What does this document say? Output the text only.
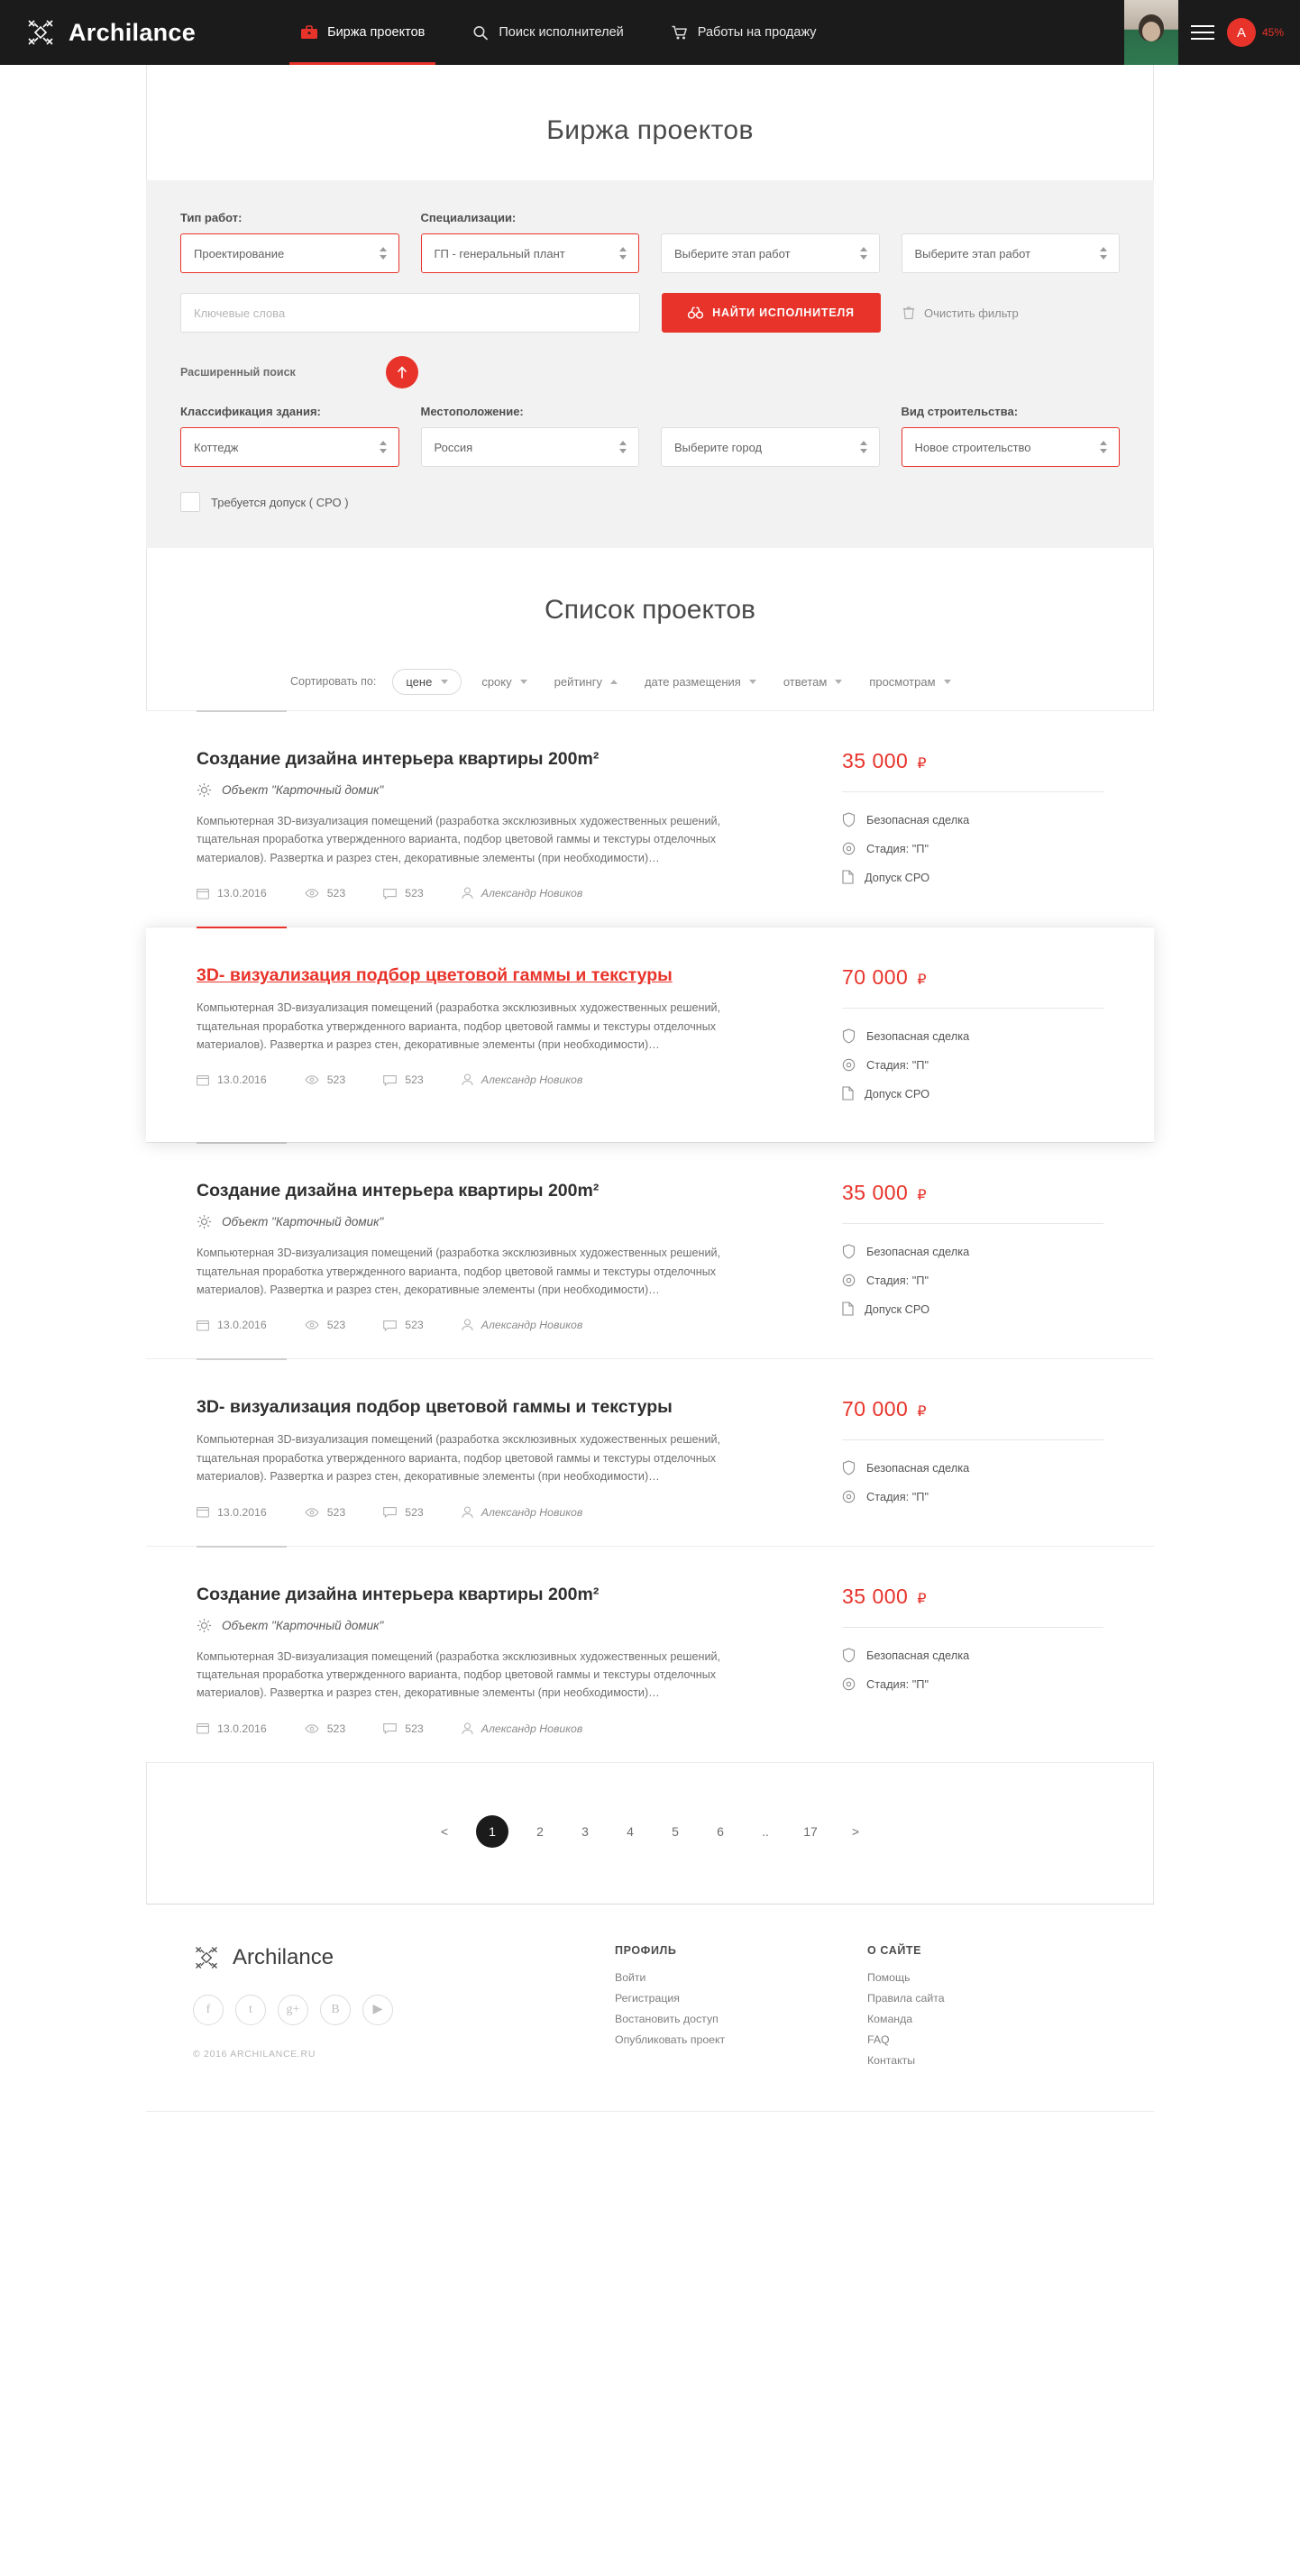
Archilance	Биржа проектов	Поиск исполнителей	Работы на продажу	A	45%
Биржа проектов
Тип работ:
Проектирование
Специализации:
ГП - генеральный плант
	Выберите этап работ
	Выберите этап работ
Ключевые слова	НАЙТИ ИСПОЛНИТЕЛЯ	Очистить фильтр
Расширенный поиск
Классификация здания:
Коттедж
Местоположение:
Россия
	Выберите город
Вид строительства:
Новое строительство
Требуется допуск ( СРО )
Список проектов
Сортировать по:	цене	сроку	рейтингу	дате размещения	ответам	просмотрам
Создание дизайна интерьера квартиры 200m²
Объект "Карточный домик"

Компьютерная 3D-визуализация помещений (разработка эксклюзивных художественных решений, тщательная проработка утвержденного варианта, подбор цветовой гаммы и текстуры отделочных материалов). Развертка и разрез стен, декоративные элементы (при необходимости)…

13.0.2016	523	523	Александр Новиков
35 000 ₽
Безопасная сделка
Стадия: "П"
Допуск СРО
3D- визуализация подбор цветовой гаммы и текстуры

Компьютерная 3D-визуализация помещений (разработка эксклюзивных художественных решений, тщательная проработка утвержденного варианта, подбор цветовой гаммы и текстуры отделочных материалов). Развертка и разрез стен, декоративные элементы (при необходимости)…

13.0.2016	523	523	Александр Новиков
70 000 ₽
Безопасная сделка
Стадия: "П"
Допуск СРО
Создание дизайна интерьера квартиры 200m²
Объект "Карточный домик"

Компьютерная 3D-визуализация помещений (разработка эксклюзивных художественных решений, тщательная проработка утвержденного варианта, подбор цветовой гаммы и текстуры отделочных материалов). Развертка и разрез стен, декоративные элементы (при необходимости)…

13.0.2016	523	523	Александр Новиков
35 000 ₽
Безопасная сделка
Стадия: "П"
Допуск СРО
3D- визуализация подбор цветовой гаммы и текстуры

Компьютерная 3D-визуализация помещений (разработка эксклюзивных художественных решений, тщательная проработка утвержденного варианта, подбор цветовой гаммы и текстуры отделочных материалов). Развертка и разрез стен, декоративные элементы (при необходимости)…

13.0.2016	523	523	Александр Новиков
70 000 ₽
Безопасная сделка
Стадия: "П"
Создание дизайна интерьера квартиры 200m²
Объект "Карточный домик"

Компьютерная 3D-визуализация помещений (разработка эксклюзивных художественных решений, тщательная проработка утвержденного варианта, подбор цветовой гаммы и текстуры отделочных материалов). Развертка и разрез стен, декоративные элементы (при необходимости)…

13.0.2016	523	523	Александр Новиков
35 000 ₽
Безопасная сделка
Стадия: "П"
<	1	2	3	4	5	6	..	17	>
Archilance
f	t	g+	В	▶
© 2016 ARCHILANCE.RU
ПРОФИЛЬ
Войти
Регистрация
Востановить доступ
Опубликовать проект
О САЙТЕ
Помощь
Правила сайта
Команда
FAQ
Контакты
